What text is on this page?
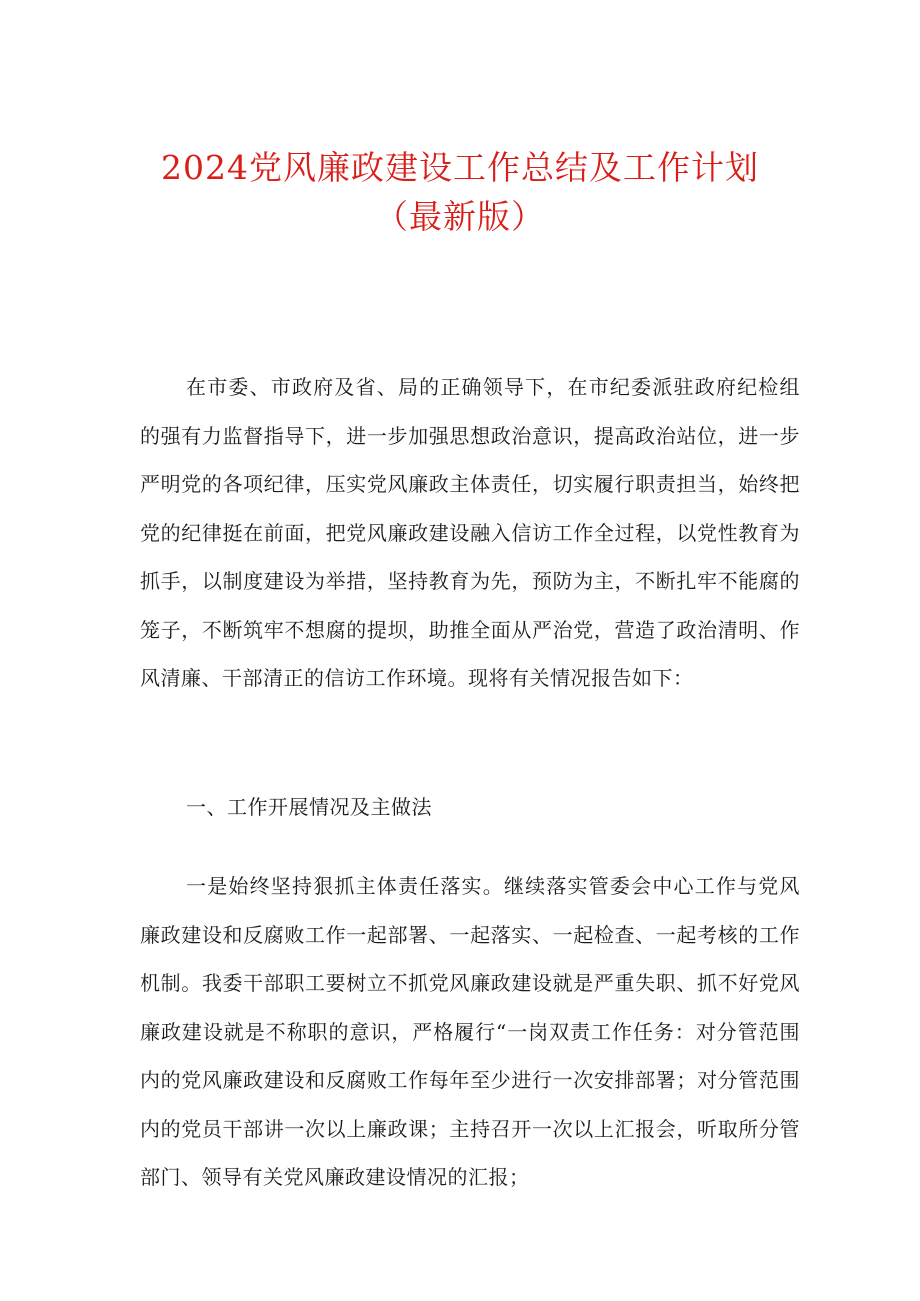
2024党风廉政建设工作总结及工作计划
（最新版）

在市委、市政府及省、局的正确领导下，在市纪委派驻政府纪检组的强有力监督指导下，进一步加强思想政治意识，提高政治站位，进一步严明党的各项纪律，压实党风廉政主体责任，切实履行职责担当，始终把党的纪律挺在前面，把党风廉政建设融入信访工作全过程，以党性教育为抓手，以制度建设为举措，坚持教育为先，预防为主，不断扎牢不能腐的笼子，不断筑牢不想腐的提坝，助推全面从严治党，营造了政治清明、作风清廉、干部清正的信访工作环境。现将有关情况报告如下：

一、工作开展情况及主做法

一是始终坚持狠抓主体责任落实。继续落实管委会中心工作与党风廉政建设和反腐败工作一起部署、一起落实、一起检查、一起考核的工作机制。我委干部职工要树立不抓党风廉政建设就是严重失职、抓不好党风廉政建设就是不称职的意识，严格履行“一岗双责工作任务：对分管范围内的党风廉政建设和反腐败工作每年至少进行一次安排部署；对分管范围内的党员干部讲一次以上廉政课；主持召开一次以上汇报会，听取所分管部门、领导有关党风廉政建设情况的汇报；
